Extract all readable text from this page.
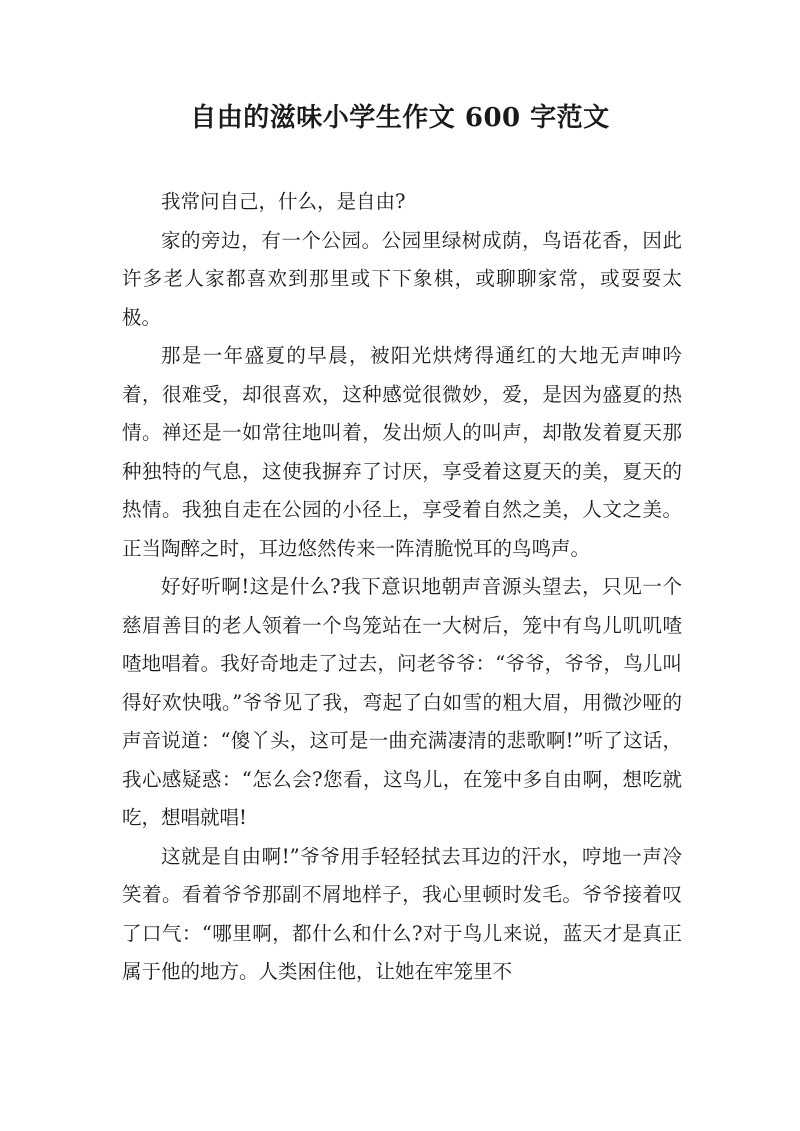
自由的滋味小学生作文 600 字范文

我常问自己，什么，是自由?

家的旁边，有一个公园。公园里绿树成荫，鸟语花香，因此许多老人家都喜欢到那里或下下象棋，或聊聊家常，或耍耍太极。

那是一年盛夏的早晨，被阳光烘烤得通红的大地无声呻吟着，很难受，却很喜欢，这种感觉很微妙，爱，是因为盛夏的热情。禅还是一如常往地叫着，发出烦人的叫声，却散发着夏天那种独特的气息，这使我摒弃了讨厌，享受着这夏天的美，夏天的热情。我独自走在公园的小径上，享受着自然之美，人文之美。正当陶醉之时，耳边悠然传来一阵清脆悦耳的鸟鸣声。

好好听啊!这是什么?我下意识地朝声音源头望去，只见一个慈眉善目的老人领着一个鸟笼站在一大树后，笼中有鸟儿叽叽喳喳地唱着。我好奇地走了过去，问老爷爷：“爷爷，爷爷，鸟儿叫得好欢快哦。”爷爷见了我，弯起了白如雪的粗大眉，用微沙哑的声音说道：“傻丫头，这可是一曲充满凄清的悲歌啊!”听了这话，我心感疑惑：“怎么会?您看，这鸟儿，在笼中多自由啊，想吃就吃，想唱就唱!

这就是自由啊!”爷爷用手轻轻拭去耳边的汗水，哼地一声冷笑着。看着爷爷那副不屑地样子，我心里顿时发毛。爷爷接着叹了口气：“哪里啊，都什么和什么?对于鸟儿来说，蓝天才是真正属于他的地方。人类困住他，让她在牢笼里不
